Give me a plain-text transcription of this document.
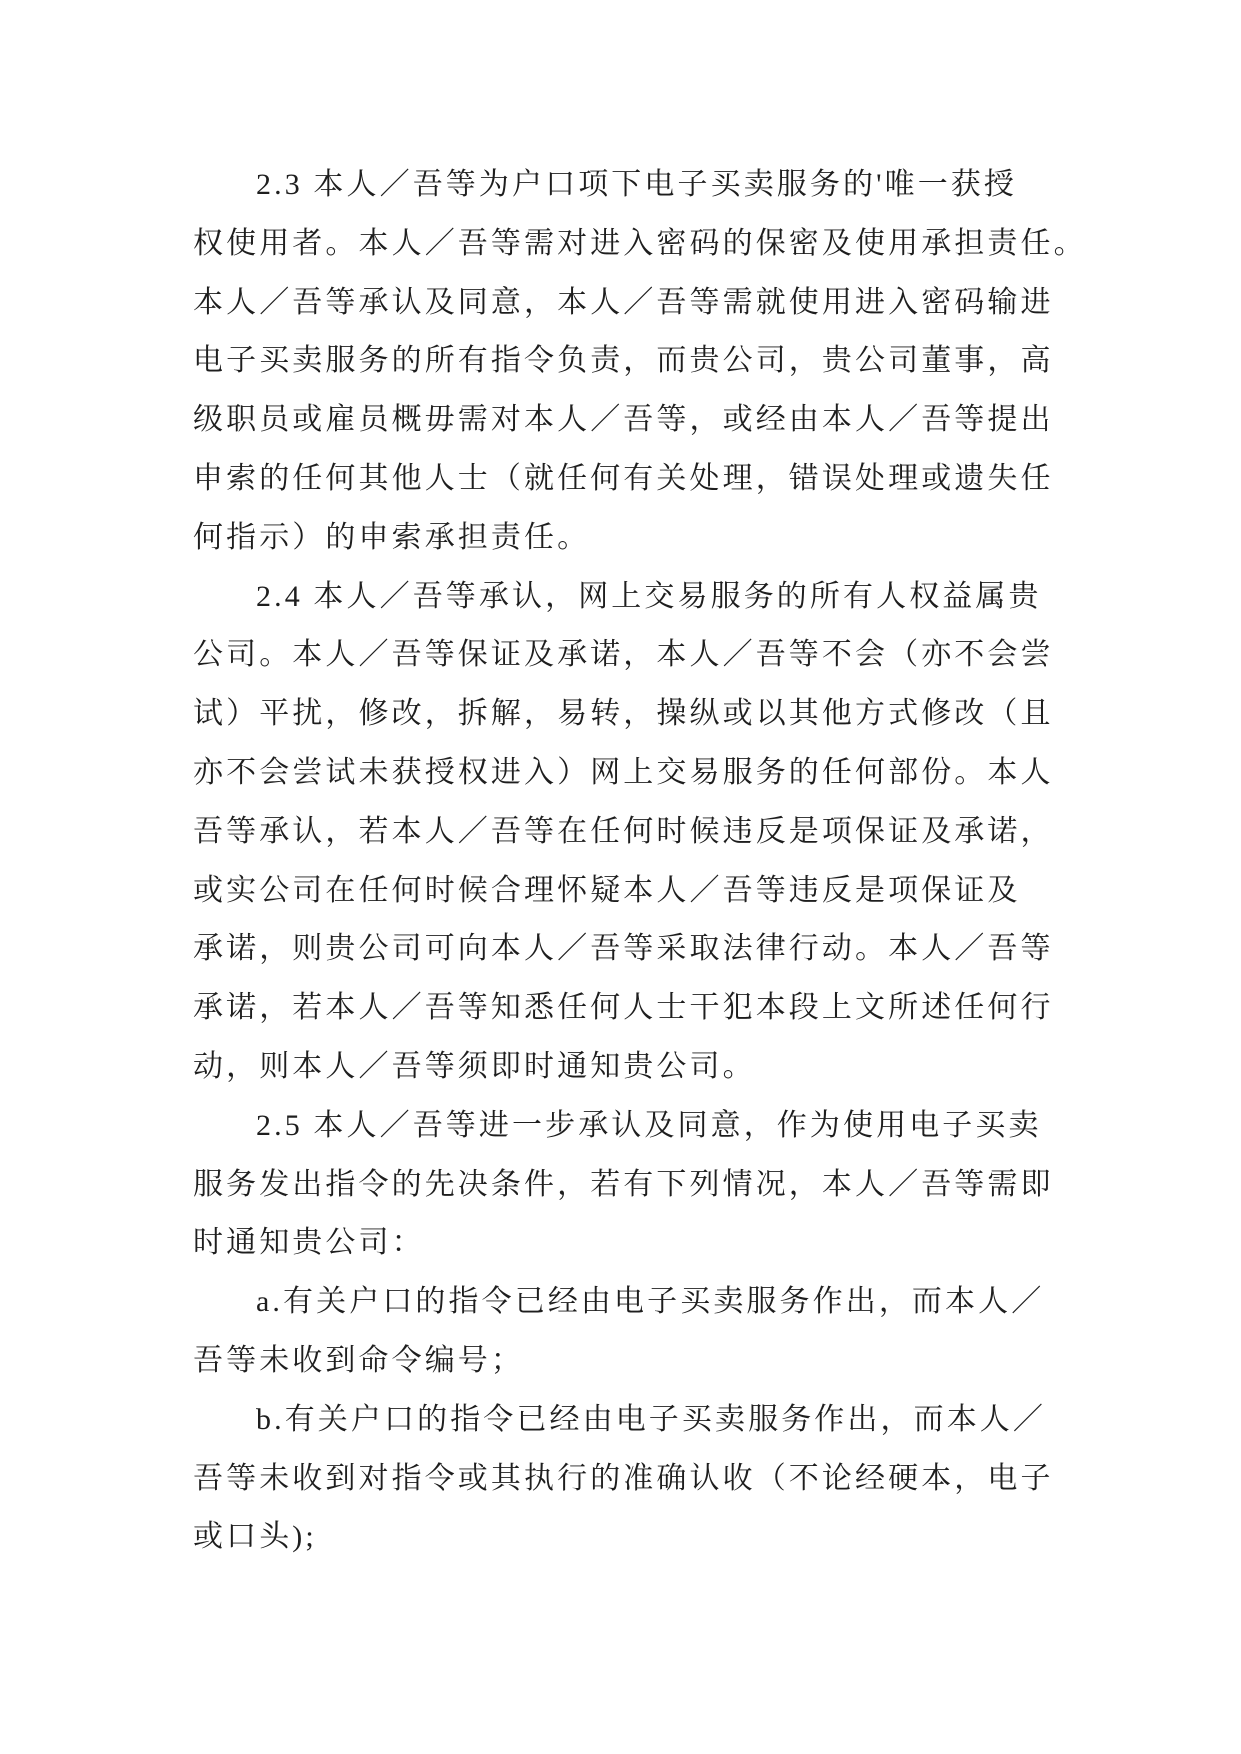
2.3 本人／吾等为户口项下电子买卖服务的'唯一获授
权使用者。本人／吾等需对进入密码的保密及使用承担责任。
本人／吾等承认及同意，本人／吾等需就使用进入密码输进
电子买卖服务的所有指令负责，而贵公司，贵公司董事，高
级职员或雇员概毋需对本人／吾等，或经由本人／吾等提出
申索的任何其他人士（就任何有关处理，错误处理或遗失任
何指示）的申索承担责任。
2.4 本人／吾等承认，网上交易服务的所有人权益属贵
公司。本人／吾等保证及承诺，本人／吾等不会（亦不会尝
试）平扰，修改，拆解，易转，操纵或以其他方式修改（且
亦不会尝试未获授权进入）网上交易服务的任何部份。本人
吾等承认，若本人／吾等在任何时候违反是项保证及承诺，
或实公司在任何时候合理怀疑本人／吾等违反是项保证及
承诺，则贵公司可向本人／吾等采取法律行动。本人／吾等
承诺，若本人／吾等知悉任何人士干犯本段上文所述任何行
动，则本人／吾等须即时通知贵公司。
2.5 本人／吾等进一步承认及同意，作为使用电子买卖
服务发出指令的先决条件，若有下列情况，本人／吾等需即
时通知贵公司：
a.有关户口的指令已经由电子买卖服务作出，而本人／
吾等未收到命令编号；
b.有关户口的指令已经由电子买卖服务作出，而本人／
吾等未收到对指令或其执行的准确认收（不论经硬本，电子
或口头);
